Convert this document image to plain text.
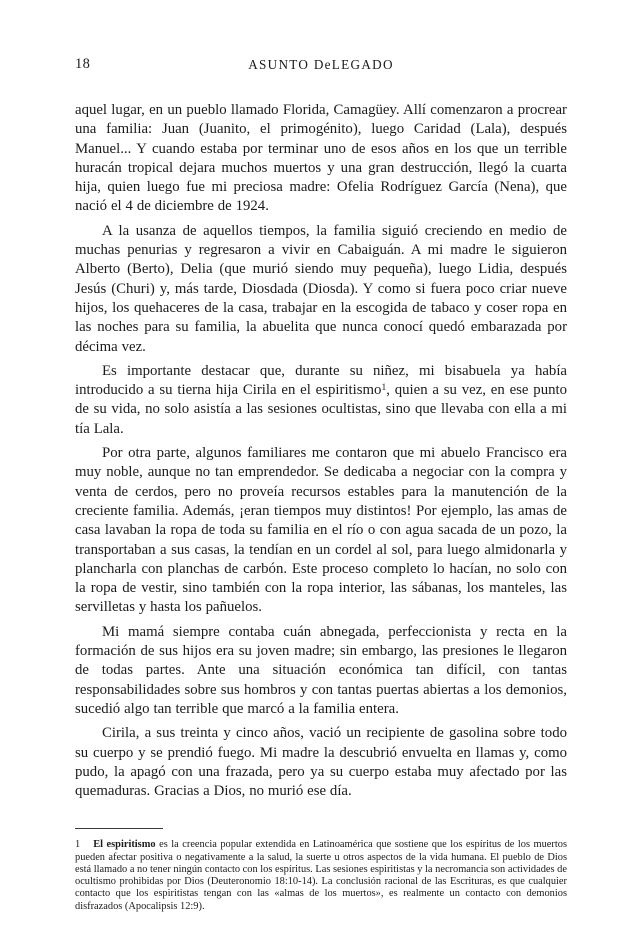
18	ASUNTO DeLEGADO

aquel lugar, en un pueblo llamado Florida, Camagüey. Allí comenzaron a procrear una familia: Juan (Juanito, el primogénito), luego Caridad (Lala), después Manuel... Y cuando estaba por terminar uno de esos años en los que un terrible huracán tropical dejara muchos muertos y una gran destrucción, llegó la cuarta hija, quien luego fue mi preciosa madre: Ofelia Rodríguez García (Nena), que nació el 4 de diciembre de 1924.

A la usanza de aquellos tiempos, la familia siguió creciendo en medio de muchas penurias y regresaron a vivir en Cabaiguán. A mi madre le siguieron Alberto (Berto), Delia (que murió siendo muy pequeña), luego Lidia, después Jesús (Churi) y, más tarde, Diosdada (Diosda). Y como si fuera poco criar nueve hijos, los quehaceres de la casa, trabajar en la escogida de tabaco y coser ropa en las noches para su familia, la abuelita que nunca conocí quedó embarazada por décima vez.

Es importante destacar que, durante su niñez, mi bisabuela ya había introducido a su tierna hija Cirila en el espiritismo$^1$, quien a su vez, en ese punto de su vida, no solo asistía a las sesiones ocultistas, sino que llevaba con ella a mi tía Lala.

Por otra parte, algunos familiares me contaron que mi abuelo Francisco era muy noble, aunque no tan emprendedor. Se dedicaba a negociar con la compra y venta de cerdos, pero no proveía recursos estables para la manutención de la creciente familia. Además, ¡eran tiempos muy distintos! Por ejemplo, las amas de casa lavaban la ropa de toda su familia en el río o con agua sacada de un pozo, la transportaban a sus casas, la tendían en un cordel al sol, para luego almidonarla y plancharla con planchas de carbón. Este proceso completo lo hacían, no solo con la ropa de vestir, sino también con la ropa interior, las sábanas, los manteles, las servilletas y hasta los pañuelos.

Mi mamá siempre contaba cuán abnegada, perfeccionista y recta en la formación de sus hijos era su joven madre; sin embargo, las presiones le llegaron de todas partes. Ante una situación económica tan difícil, con tantas responsabilidades sobre sus hombros y con tantas puertas abiertas a los demonios, sucedió algo tan terrible que marcó a la familia entera.

Cirila, a sus treinta y cinco años, vació un recipiente de gasolina sobre todo su cuerpo y se prendió fuego. Mi madre la descubrió envuelta en llamas y, como pudo, la apagó con una frazada, pero ya su cuerpo estaba muy afectado por las quemaduras. Gracias a Dios, no murió ese día.

1 El espiritismo es la creencia popular extendida en Latinoamérica que sostiene que los espíritus de los muertos pueden afectar positiva o negativamente a la salud, la suerte u otros aspectos de la vida humana. El pueblo de Dios está llamado a no tener ningún contacto con los espíritus. Las sesiones espiritistas y la necromancia son actividades de ocultismo prohibidas por Dios (Deuteronomio 18:10-14). La conclusión racional de las Escrituras, es que cualquier contacto que los espiritistas tengan con las «almas de los muertos», es realmente un contacto con demonios disfrazados (Apocalipsis 12:9).
